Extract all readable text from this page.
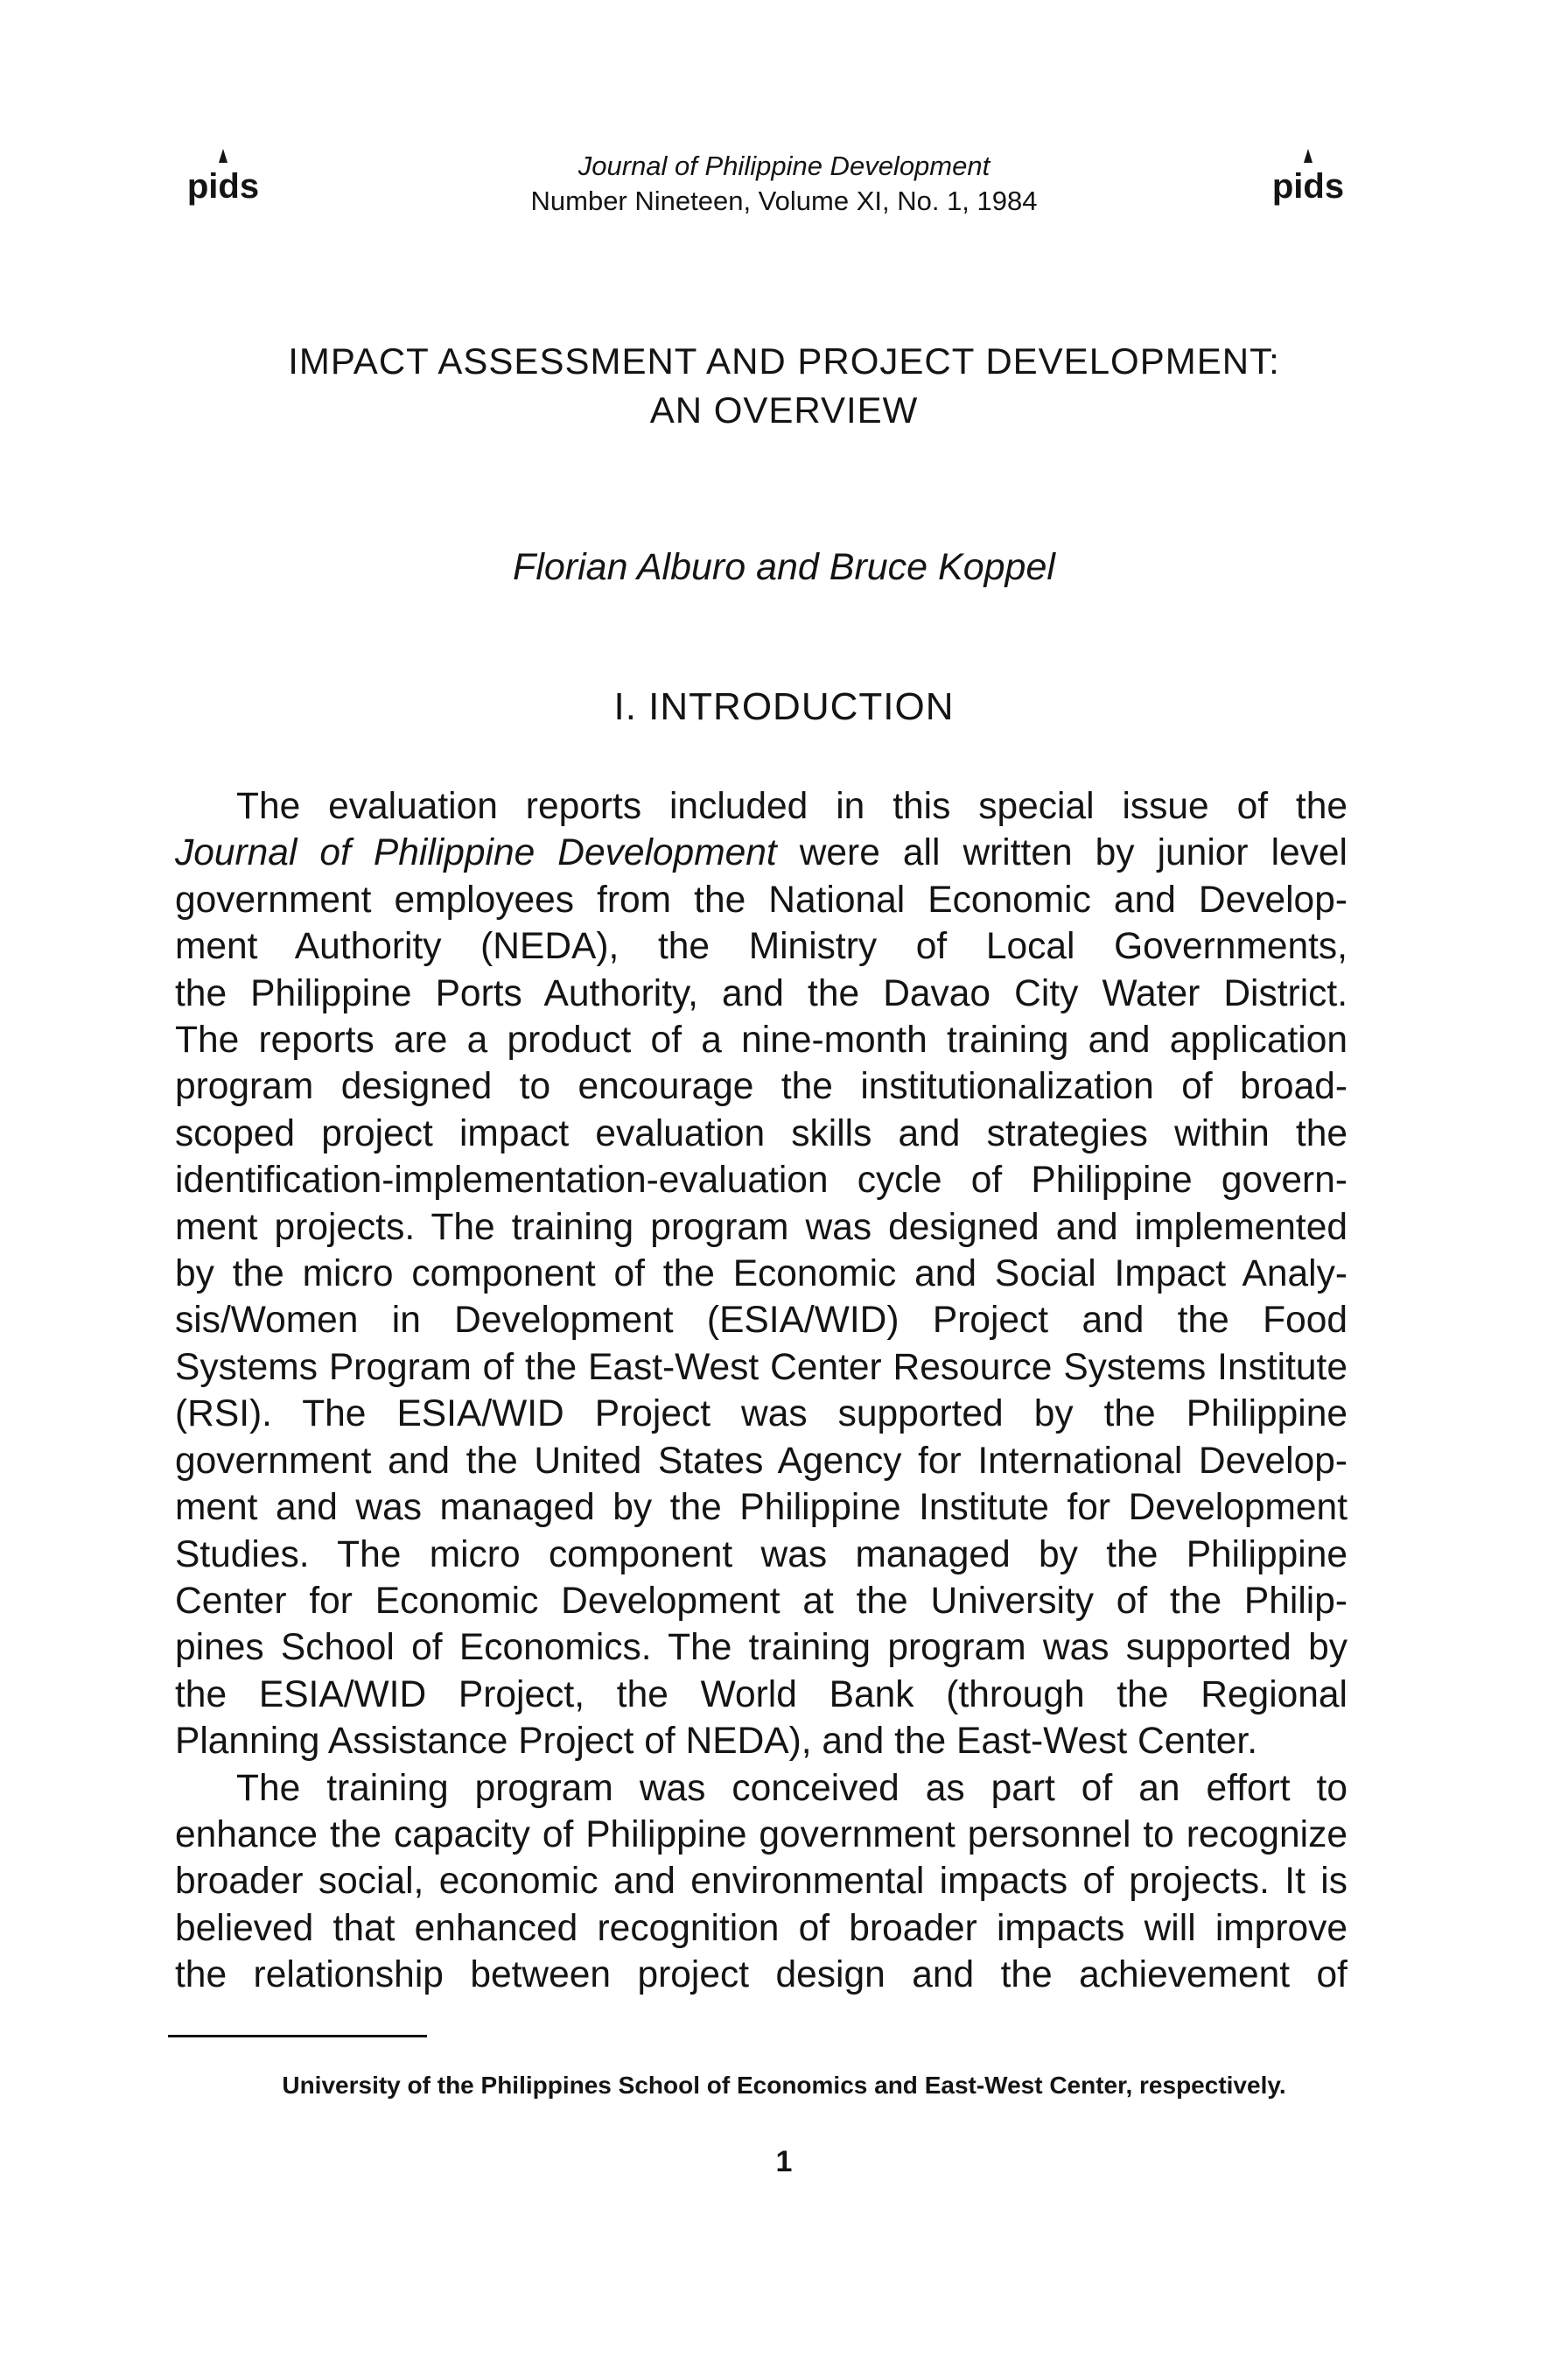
pids
Journal of Philippine Development
Number Nineteen, Volume XI, No. 1, 1984	pids
IMPACT ASSESSMENT AND PROJECT DEVELOPMENT:
AN OVERVIEW
Florian Alburo and Bruce Koppel
I. INTRODUCTION
The evaluation reports included in this special issue of the
Journal of Philippine Development were all written by junior level
government employees from the National Economic and Develop-
ment Authority (NEDA), the Ministry of Local Governments,
the Philippine Ports Authority, and the Davao City Water District.
The reports are a product of a nine-month training and application
program designed to encourage the institutionalization of broad-
scoped project impact evaluation skills and strategies within the
identification-implementation-evaluation cycle of Philippine govern-
ment projects. The training program was designed and implemented
by the micro component of the Economic and Social Impact Analy-
sis/Women in Development (ESIA/WID) Project and the Food
Systems Program of the East-West Center Resource Systems Institute
(RSI). The ESIA/WID Project was supported by the Philippine
government and the United States Agency for International Develop-
ment and was managed by the Philippine Institute for Development
Studies. The micro component was managed by the Philippine
Center for Economic Development at the University of the Philip-
pines School of Economics. The training program was supported by
the ESIA/WID Project, the World Bank (through the Regional
Planning Assistance Project of NEDA), and the East-West Center.
The training program was conceived as part of an effort to
enhance the capacity of Philippine government personnel to recognize
broader social, economic and environmental impacts of projects. It is
believed that enhanced recognition of broader impacts will improve
the relationship between project design and the achievement of
University of the Philippines School of Economics and East-West Center, respectively.
1
